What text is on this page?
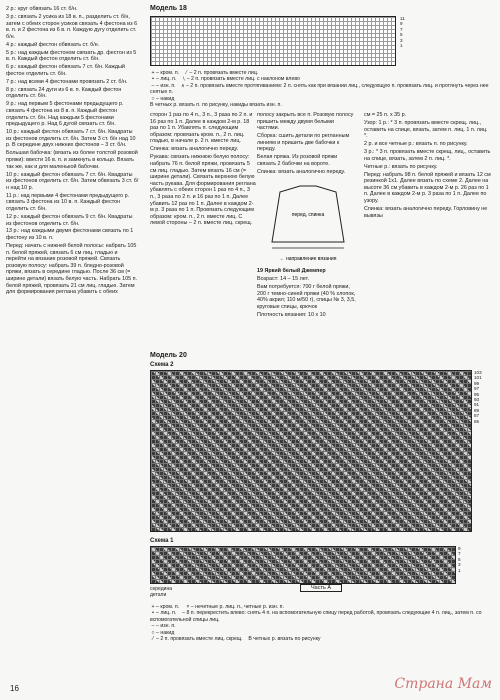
2 р.: круг обвязать 16 ст. б/н.

3 р.: связать 2 усика из 18 в. п., разделить ст. б/н, затем с обеих сторон усиков связать 4 фестона из 6 в. п. и 2 фестона из 6 в. п. Каждую дугу отделить ст. б/н.

4 р.: каждый фестон обвязать ст. б/н.

5 р.: над каждым фестоном связать др. фестон из 5 в. п. Каждый фестон отделить ст. б/н.

6 р.: каждый фестон обвязать 7 ст. б/н. Каждый фестон отделить ст. б/н.

7 р.: над всеми 4 фестонами провязать 2 ст. б/н.

8 р.: связать 24 дуги из 6 в. п. Каждый фестон отделить ст. б/н.

9 р.: над первым 5 фестонами предыдущего р. связать 4 фестона из 8 в. п. Каждый фестон отделить ст. б/н. Над каждым 5 фестонами предыдущего р. Над 6 дугой связать ст. б/н.

10 р.: каждый фестон обвязать 7 ст. б/н. Квадраты из фестонов отделить ст. б/н. Затем 3 ст. б/н над 10 р. В середине двух нижних фестонов – 3 ст. б/н.

Большая бабочка: (вязать из более толстой розовой пряжи): ввести 16 в. п. и замкнуть в кольцо. Вязать так же, как и для маленькой бабочки.

10 р.: каждый фестон обвязать 7 ст. б/н. Квадраты из фестонов отделить ст. б/н. Затем обвязать 3 ст. б/н над 10 р.

11 р.: над первыми 4 фестонами предыдущего р. связать 3 фестона из 10 в. п. Каждый фестон отделить ст. б/н.

12 р.: каждый фестон обвязать 9 ст. б/н. Квадраты из фестонов отделить ст. б/н.

13 р.: над каждыми двумя фестонами связать по 1 фестону из 10 в. п.

Перед: начать с нижней белой полосы: набрать 105 п. белой пряжей, связать 6 см лиц. гладью и перейти на вязание розовой пряжей. Связать розовую полосу: набрать 39 п. бледно-розовой пряжи, вязать в середине гладью. После 36 см (= ширине детали) вязать белую часть. Набрать 105 п. белой пряжей, провязать 21 см лиц. гладью. Затем для формирования реглана убавить с обеих

Модель 18
11
9
7
5
3
1
+– кром. п. ⁄ – 2 п. провязать вместе лиц.
▪ – лиц. п. ∖– 2 п. провязать вместе лиц. с наклоном влево
– – изн. п. ∧– 2 п. провязать вместе протягиванием: 2 п. снять как при вязании лиц., следующую п. провязать лиц. и протянуть через нее снятые п.
○– накид
В четных р. вязать п. по рисунку, накиды вязать изн. п.

сторон 1 раз по 4 п., 3 п., 3 раза по 2 п. и 16 раз по 1 п. Далее в каждом 2-м р. 18 раз по 1 п. Убавлять п. следующим образом: провязать кром. п., 2 п. лиц. гладью, в начале р. 2 п. вместе лиц.

Спинка: вязать аналогично переду.

Рукава: связать нижнюю белую полосу: набрать 76 п. белой пряжи, провязать 5 см лиц. гладью. Затем вязать 16 см (= ширине детали). Связать верхнюю белую часть рукава. Для формирования реглана убавлять с обеих сторон 1 раз по 4 п., 3 п., 3 раза по 2 п. и 16 раз по 1 п. Далее убавить 12 раз по 1 п. Далее в каждом 2-м р. 3 раза по 1 п. Провязать следующим образом: кром. п., 2 п. вместе лиц. С левой стороны – 2 п. вместе лиц. скрещ.

полосу закрыть все п. Розовую полосу пришить между двумя белыми частями.

Сборка: сшить детали по регланным линиям и пришить две бабочки к переду.

Белая пряжа. Из розовой пряжи связать 2 бабочки на вороте.

Спинка: вязать аналогично переду.

перед, спинка
← направление вязания

19 Яркий белый Джемпер

Возраст: 14 – 15 лет.

Вам потребуется: 700 г белой пряжи, 200 г темно-синей пряжи (40 % хлопок, 40% акрил; 110 м/50 г), спицы № 3, 3,5, круговые спицы, крючок

Плотность вязания: 10 х 10

см = 25 п. х 35 р.

Узор: 1 р.: * 3 п. провязать вместе скрещ. лиц., оставить на спице, вязать, затем п. лиц. 1 п. лиц. *.

2 р. и все четные р.: вязать п. по рисунку.

3 р.: * 3 п. провязать вместе скрещ. лиц., оставить на спице, вязать, затем 2 п. лиц. *.

Четные р.: вязать по рисунку.

Перед: набрать 98 п. белой пряжей и вязать 12 см резинкой 1х1. Далее вязать по схеме 2. Далее на высоте 36 см убавить в каждом 2-м р. 26 раз по 1 п. Далее в каждом 2-м р. 3 раза по 1 п. Далее по узору.

Спинка: вязать аналогично переду. Горловину не вывязы

Модель 20
Схема 2
103
101
99
97
95
93
91
89
87
85
Схема 1
9
7
5
3
1
середина детали
Часть А
+– кром. п. ×– нечетные р. лиц. п., четные р. изн. п.
▪ – лиц. п. – 8 п. перекрестить влево: снять 4 п. на вспомогательную спицу перед работой, провязать следующие 4 п. лиц., затем п. со вспомогательной спицы лиц.
– – изн. п.
○– накид
⁄ – 2 п. провязать вместе лиц. скрещ. В четных р. вязать по рисунку
16	Страна Мам
